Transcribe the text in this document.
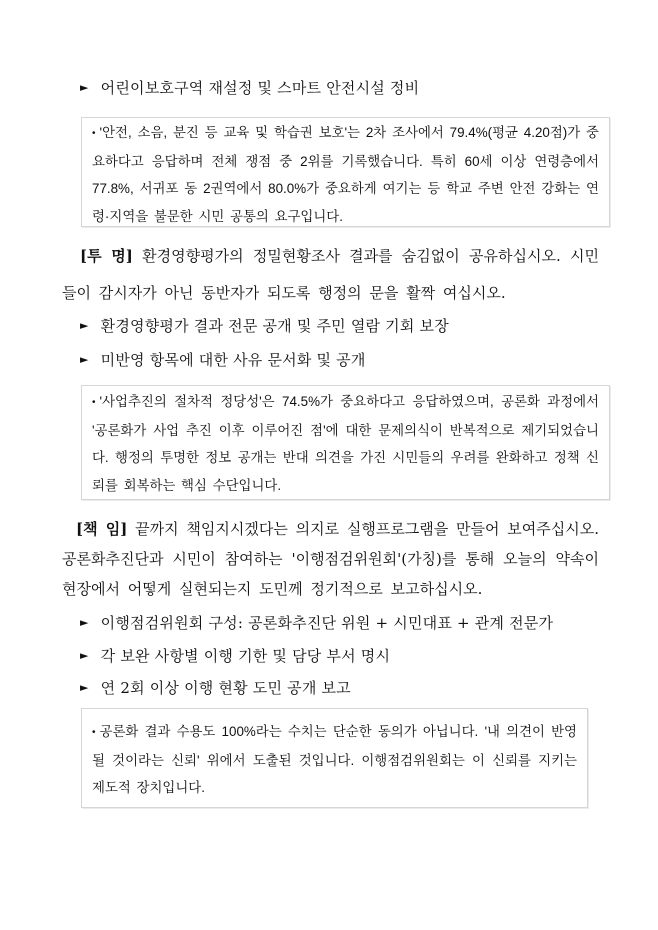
► 어린이보호구역 재설정 및 스마트 안전시설 정비

• '안전, 소음, 분진 등 교육 및 학습권 보호'는 2차 조사에서 79.4%(평균 4.20점)가 중요하다고 응답하며 전체 쟁점 중 2위를 기록했습니다. 특히 60세 이상 연령층에서 77.8%, 서귀포 동 2권역에서 80.0%가 중요하게 여기는 등 학교 주변 안전 강화는 연령·지역을 불문한 시민 공통의 요구입니다.

[투 명] 환경영향평가의 정밀현황조사 결과를 숨김없이 공유하십시오. 시민들이 감시자가 아닌 동반자가 되도록 행정의 문을 활짝 여십시오.

► 환경영향평가 결과 전문 공개 및 주민 열람 기회 보장
► 미반영 항목에 대한 사유 문서화 및 공개

• '사업추진의 절차적 정당성'은 74.5%가 중요하다고 응답하였으며, 공론화 과정에서 '공론화가 사업 추진 이후 이루어진 점'에 대한 문제의식이 반복적으로 제기되었습니다. 행정의 투명한 정보 공개는 반대 의견을 가진 시민들의 우려를 완화하고 정책 신뢰를 회복하는 핵심 수단입니다.

[책 임] 끝까지 책임지시겠다는 의지로 실행프로그램을 만들어 보여주십시오. 공론화추진단과 시민이 참여하는 '이행점검위원회'(가칭)를 통해 오늘의 약속이 현장에서 어떻게 실현되는지 도민께 정기적으로 보고하십시오.

► 이행점검위원회 구성: 공론화추진단 위원 + 시민대표 + 관계 전문가
► 각 보완 사항별 이행 기한 및 담당 부서 명시
► 연 2회 이상 이행 현황 도민 공개 보고

• 공론화 결과 수용도 100%라는 수치는 단순한 동의가 아닙니다. '내 의견이 반영될 것이라는 신뢰' 위에서 도출된 것입니다. 이행점검위원회는 이 신뢰를 지키는 제도적 장치입니다.
